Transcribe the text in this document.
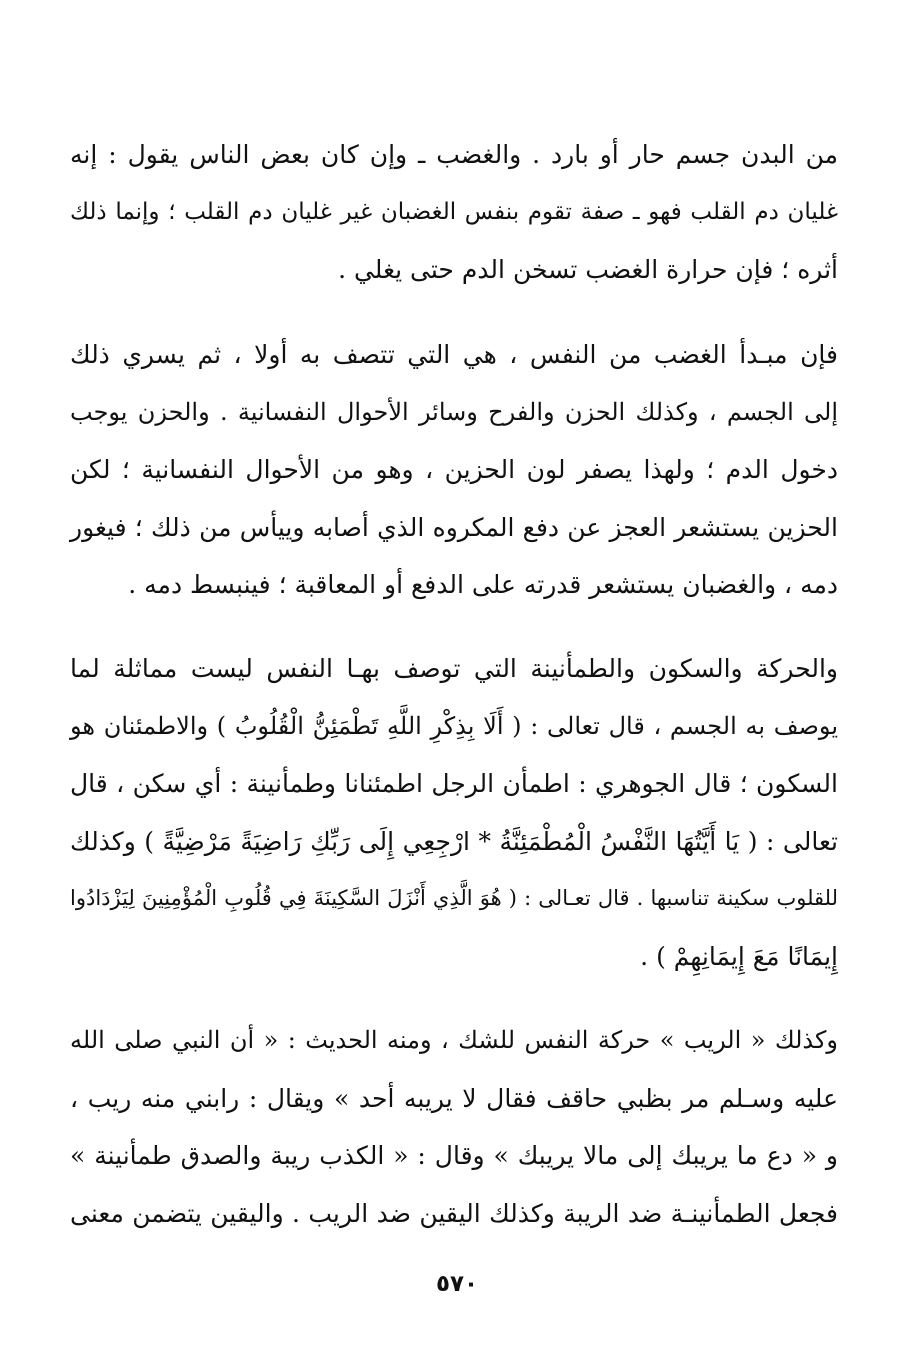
من البدن جسم حار أو بارد . والغضب ـ وإن كان بعض الناس يقول : إنه
غليان دم القلب فهو ـ صفة تقوم بنفس الغضبان غير غليان دم القلب ؛ وإنما ذلك
أثره ؛ فإن حرارة الغضب تسخن الدم حتى يغلي .
فإن مبـدأ الغضب من النفس ، هي التي تتصف به أولا ، ثم يسري ذلك
إلى الجسم ، وكذلك الحزن والفرح وسائر الأحوال النفسانية . والحزن يوجب
دخول الدم ؛ ولهذا يصفر لون الحزين ، وهو من الأحوال النفسانية ؛ لكن
الحزين يستشعر العجز عن دفع المكروه الذي أصابه وييأس من ذلك ؛ فيغور
دمه ، والغضبان يستشعر قدرته على الدفع أو المعاقبة ؛ فينبسط دمه .
والحركة والسكون والطمأنينة التي توصف بهـا النفس ليست مماثلة لما
يوصف به الجسم ، قال تعالى : ( أَلَا بِذِكْرِ اللَّهِ تَطْمَئِنُّ الْقُلُوبُ ) والاطمئنان هو
السكون ؛ قال الجوهري : اطمأن الرجل اطمئنانا وطمأنينة : أي سكن ، قال
تعالى : ( يَا أَيَّتُهَا النَّفْسُ الْمُطْمَئِنَّةُ * ارْجِعِي إِلَى رَبِّكِ رَاضِيَةً مَرْضِيَّةً ) وكذلك
للقلوب سكينة تناسبها . قال تعـالى : ( هُوَ الَّذِي أَنْزَلَ السَّكِينَةَ فِي قُلُوبِ الْمُؤْمِنِينَ لِيَزْدَادُوا
إِيمَانًا مَعَ إِيمَانِهِمْ ) .
وكذلك « الريب » حركة النفس للشك ، ومنه الحديث : « أن النبي صلى الله
عليه وسـلم مر بظبي حاقف فقال لا يريبه أحد » ويقال : رابني منه ريب ،
و « دع ما يريبك إلى مالا يريبك » وقال : « الكذب ريبة والصدق طمأنينة »
فجعل الطمأنينـة ضد الريبة وكذلك اليقين ضد الريب . واليقين يتضمن معنى
٥٧٠
